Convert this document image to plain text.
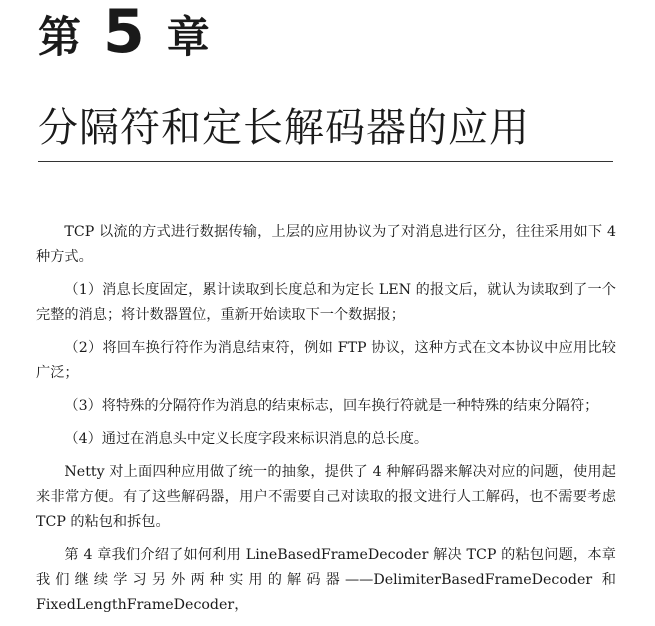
第 5 章
分隔符和定长解码器的应用

TCP 以流的方式进行数据传输，上层的应用协议为了对消息进行区分，往往采用如下 4 种方式。

（1）消息长度固定，累计读取到长度总和为定长 LEN 的报文后，就认为读取到了一个完整的消息；将计数器置位，重新开始读取下一个数据报；

（2）将回车换行符作为消息结束符，例如 FTP 协议，这种方式在文本协议中应用比较广泛；

（3）将特殊的分隔符作为消息的结束标志，回车换行符就是一种特殊的结束分隔符；

（4）通过在消息头中定义长度字段来标识消息的总长度。

Netty 对上面四种应用做了统一的抽象，提供了 4 种解码器来解决对应的问题，使用起来非常方便。有了这些解码器，用户不需要自己对读取的报文进行人工解码，也不需要考虑 TCP 的粘包和拆包。

第 4 章我们介绍了如何利用 LineBasedFrameDecoder 解决 TCP 的粘包问题，本章我们继续学习另外两种实用的解码器——DelimiterBasedFrameDecoder 和 FixedLengthFrameDecoder，
